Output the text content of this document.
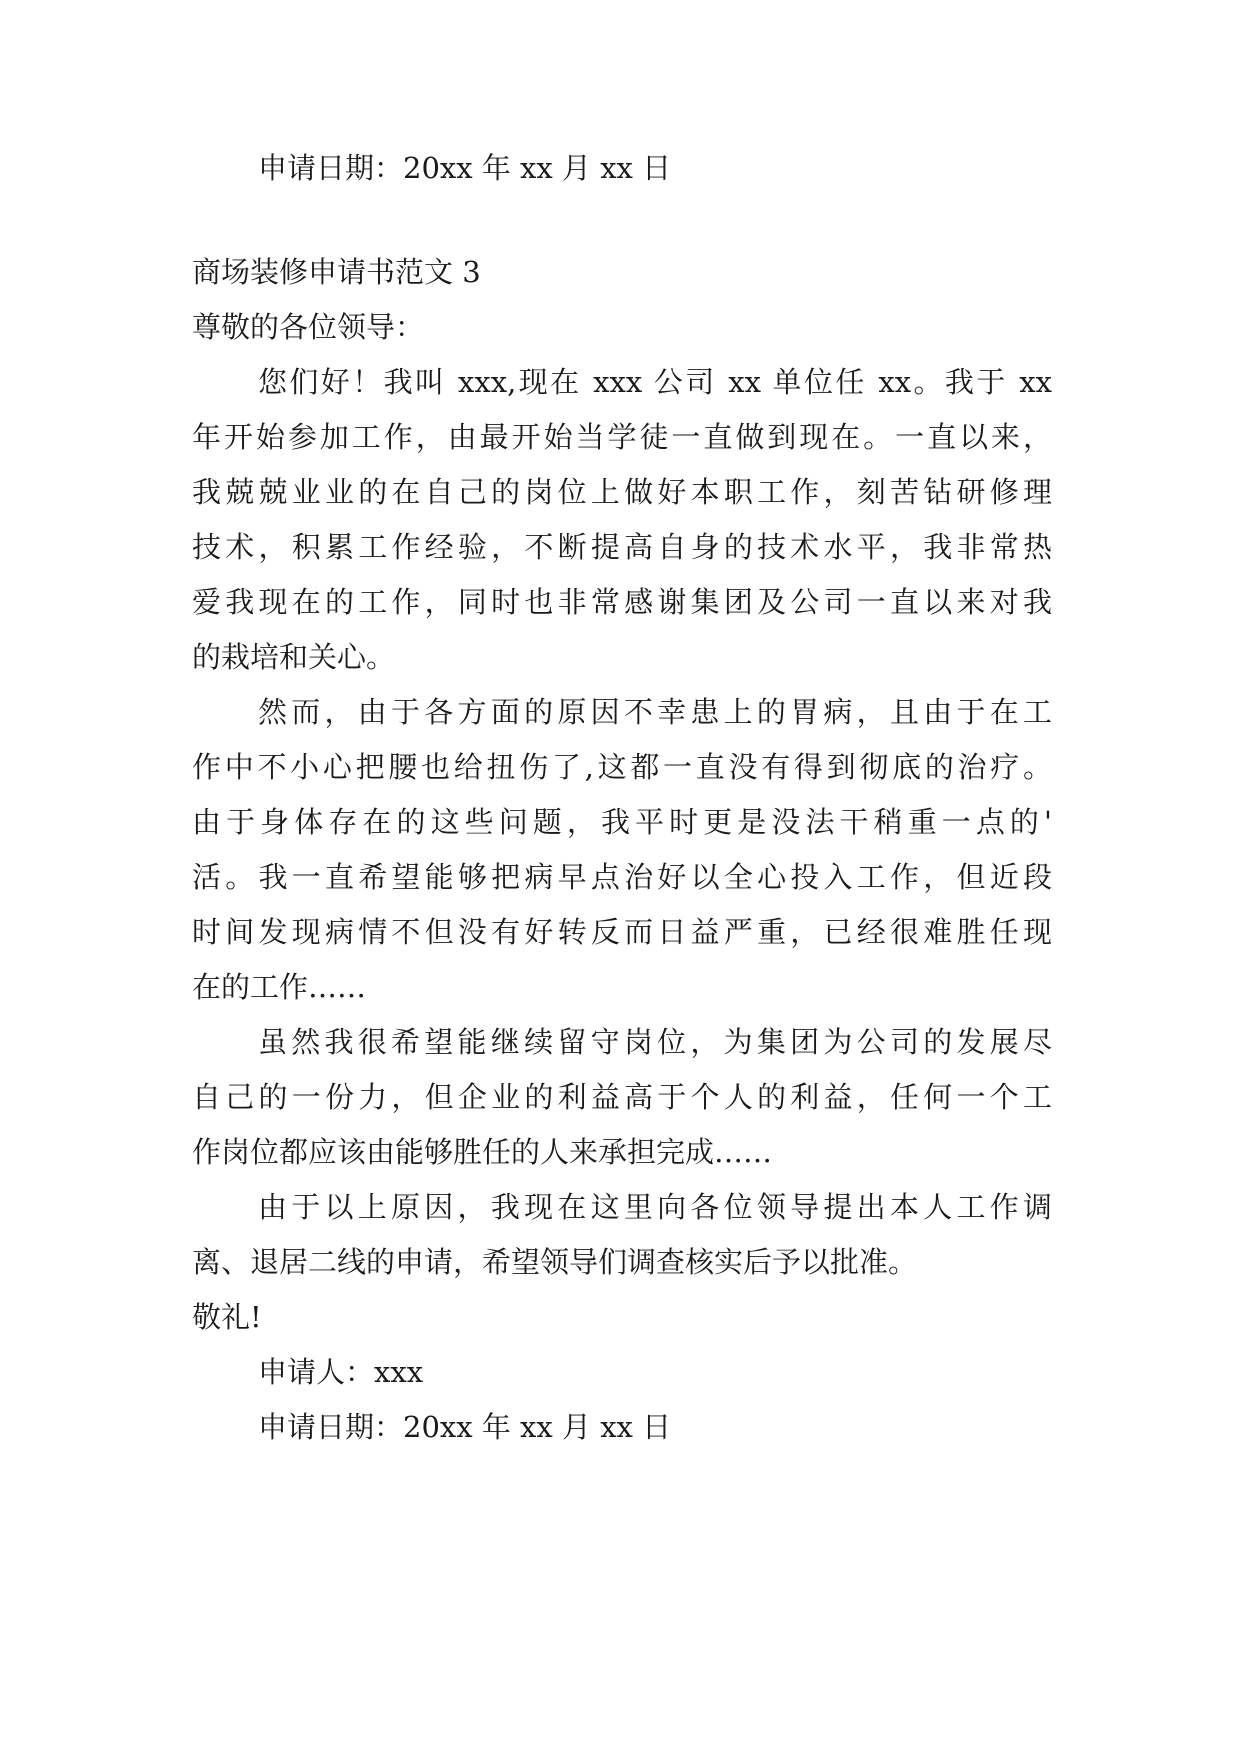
申请日期：20xx 年 xx 月 xx 日

商场装修申请书范文 3

尊敬的各位领导：

您们好！我叫 xxx,现在 xxx 公司 xx 单位任 xx。我于 xx

年开始参加工作，由最开始当学徒一直做到现在。一直以来，

我兢兢业业的在自己的岗位上做好本职工作，刻苦钻研修理

技术，积累工作经验，不断提高自身的技术水平，我非常热

爱我现在的工作，同时也非常感谢集团及公司一直以来对我

的栽培和关心。

然而，由于各方面的原因不幸患上的胃病，且由于在工

作中不小心把腰也给扭伤了,这都一直没有得到彻底的治疗。

由于身体存在的这些问题，我平时更是没法干稍重一点的'

活。我一直希望能够把病早点治好以全心投入工作，但近段

时间发现病情不但没有好转反而日益严重，已经很难胜任现

在的工作……

虽然我很希望能继续留守岗位，为集团为公司的发展尽

自己的一份力，但企业的利益高于个人的利益，任何一个工

作岗位都应该由能够胜任的人来承担完成……

由于以上原因，我现在这里向各位领导提出本人工作调

离、退居二线的申请，希望领导们调查核实后予以批准。

敬礼!

申请人：xxx

申请日期：20xx 年 xx 月 xx 日
